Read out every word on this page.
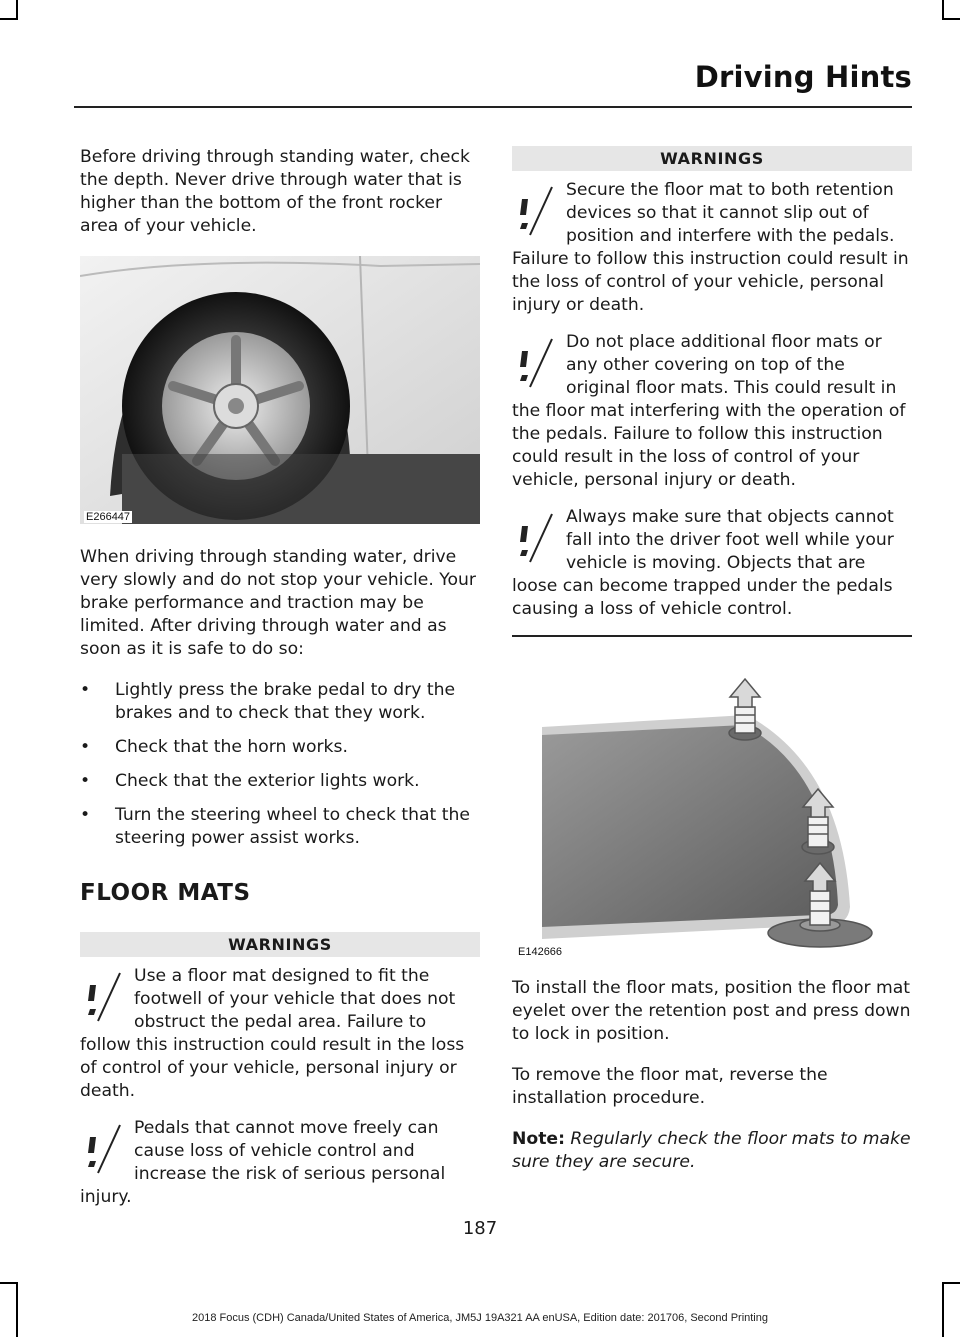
Driving Hints

Before driving through standing water, check the depth. Never drive through water that is higher than the bottom of the front rocker area of your vehicle.

E266447

When driving through standing water, drive very slowly and do not stop your vehicle. Your brake performance and traction may be limited. After driving through water and as soon as it is safe to do so:

• Lightly press the brake pedal to dry the brakes and to check that they work.
• Check that the horn works.
• Check that the exterior lights work.
• Turn the steering wheel to check that the steering power assist works.
FLOOR MATS
WARNINGS
Use a floor mat designed to fit the footwell of your vehicle that does not obstruct the pedal area. Failure to follow this instruction could result in the loss of control of your vehicle, personal injury or death.
Pedals that cannot move freely can cause loss of vehicle control and increase the risk of serious personal injury.
WARNINGS
Secure the floor mat to both retention devices so that it cannot slip out of position and interfere with the pedals. Failure to follow this instruction could result in the loss of control of your vehicle, personal injury or death.
Do not place additional floor mats or any other covering on top of the original floor mats. This could result in the floor mat interfering with the operation of the pedals. Failure to follow this instruction could result in the loss of control of your vehicle, personal injury or death.
Always make sure that objects cannot fall into the driver foot well while your vehicle is moving. Objects that are loose can become trapped under the pedals causing a loss of vehicle control.
E142666

To install the floor mats, position the floor mat eyelet over the retention post and press down to lock in position.

To remove the floor mat, reverse the installation procedure.

Note: Regularly check the floor mats to make sure they are secure.

187
2018 Focus (CDH) Canada/United States of America, JM5J 19A321 AA enUSA, Edition date: 201706, Second Printing
